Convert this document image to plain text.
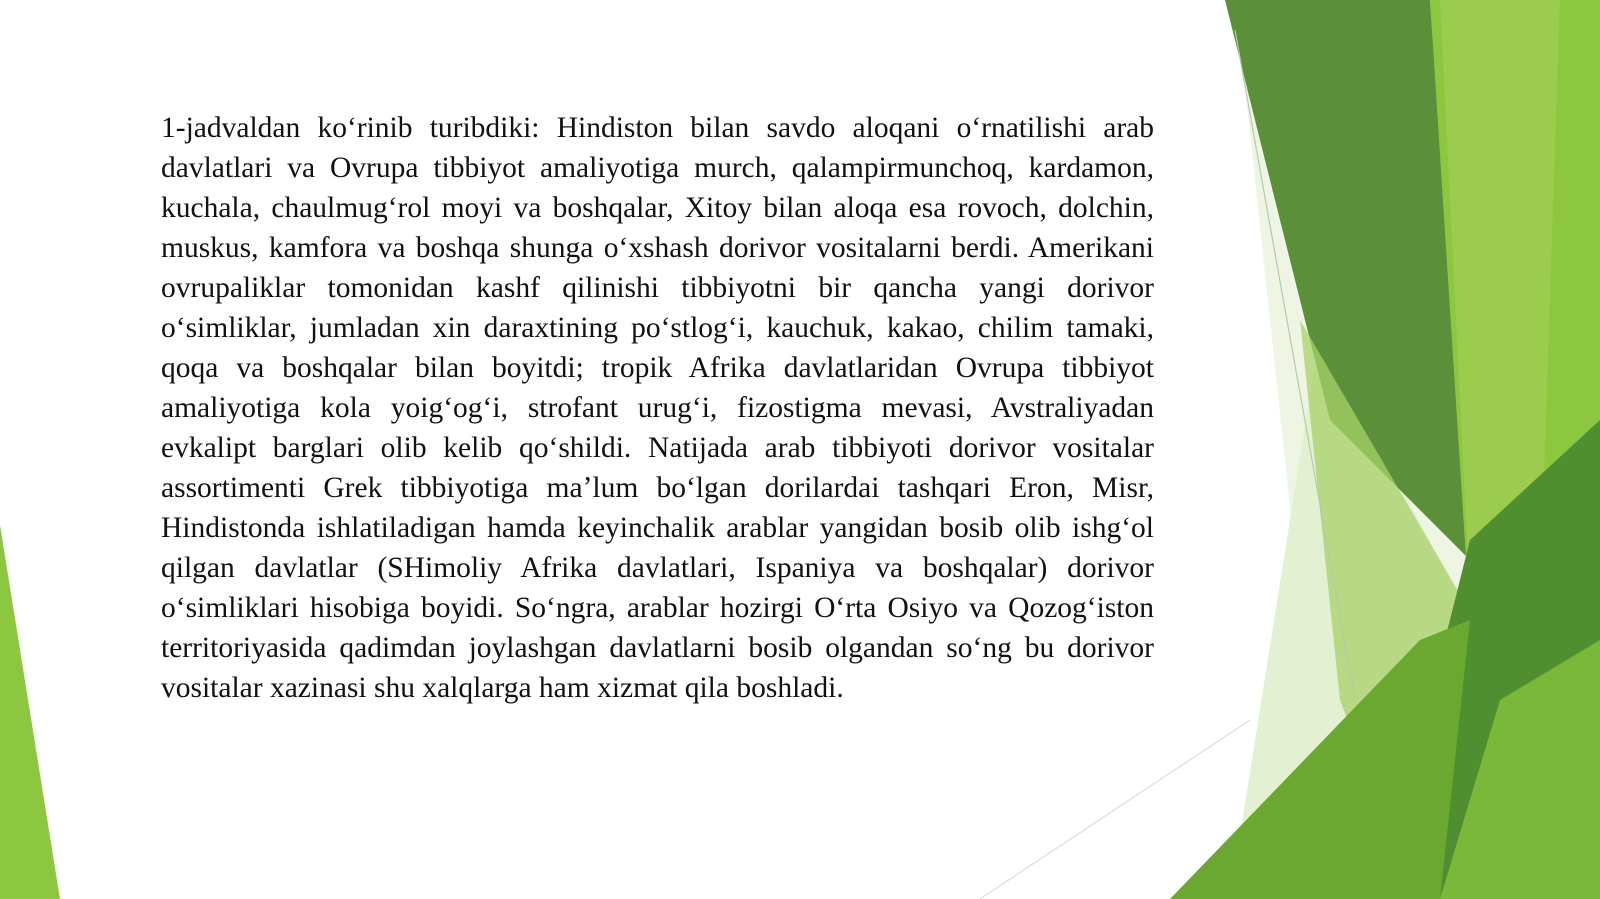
1-jadvaldan koʻrinib turibdiki: Hindiston bilan savdo aloqani oʻrnatilishi arab davlatlari va Ovrupa tibbiyot amaliyotiga murch, qalampirmunchoq, kardamon, kuchala, chaulmugʻrol moyi va boshqalar, Xitoy bilan aloqa esa rovoch, dolchin, muskus, kamfora va boshqa shunga oʻxshash dorivor vositalarni berdi. Amerikani ovrupaliklar tomonidan kashf qilinishi tibbiyotni bir qancha yangi dorivor oʻsimliklar, jumladan xin daraxtining poʻstlogʻi, kauchuk, kakao, chilim tamaki, qoqa va boshqalar bilan boyitdi; tropik Afrika davlatlaridan Ovrupa tibbiyot amaliyotiga kola yoigʻogʻi, strofant urugʻi, fizostigma mevasi, Avstraliyadan evkalipt barglari olib kelib qoʻshildi. Natijada arab tibbiyoti dorivor vositalar assortimenti Grek tibbiyotiga maʼlum boʻlgan dorilardai tashqari Eron, Misr, Hindistonda ishlatiladigan hamda keyinchalik arablar yangidan bosib olib ishgʻol qilgan davlatlar (SHimoliy Afrika davlatlari, Ispaniya va boshqalar) dorivor oʻsimliklari hisobiga boyidi. Soʻngra, arablar hozirgi Oʻrta Osiyo va Qozogʻiston territoriyasida qadimdan joylashgan davlatlarni bosib olgandan soʻng bu dorivor vositalar xazinasi shu xalqlarga ham xizmat qila boshladi.
